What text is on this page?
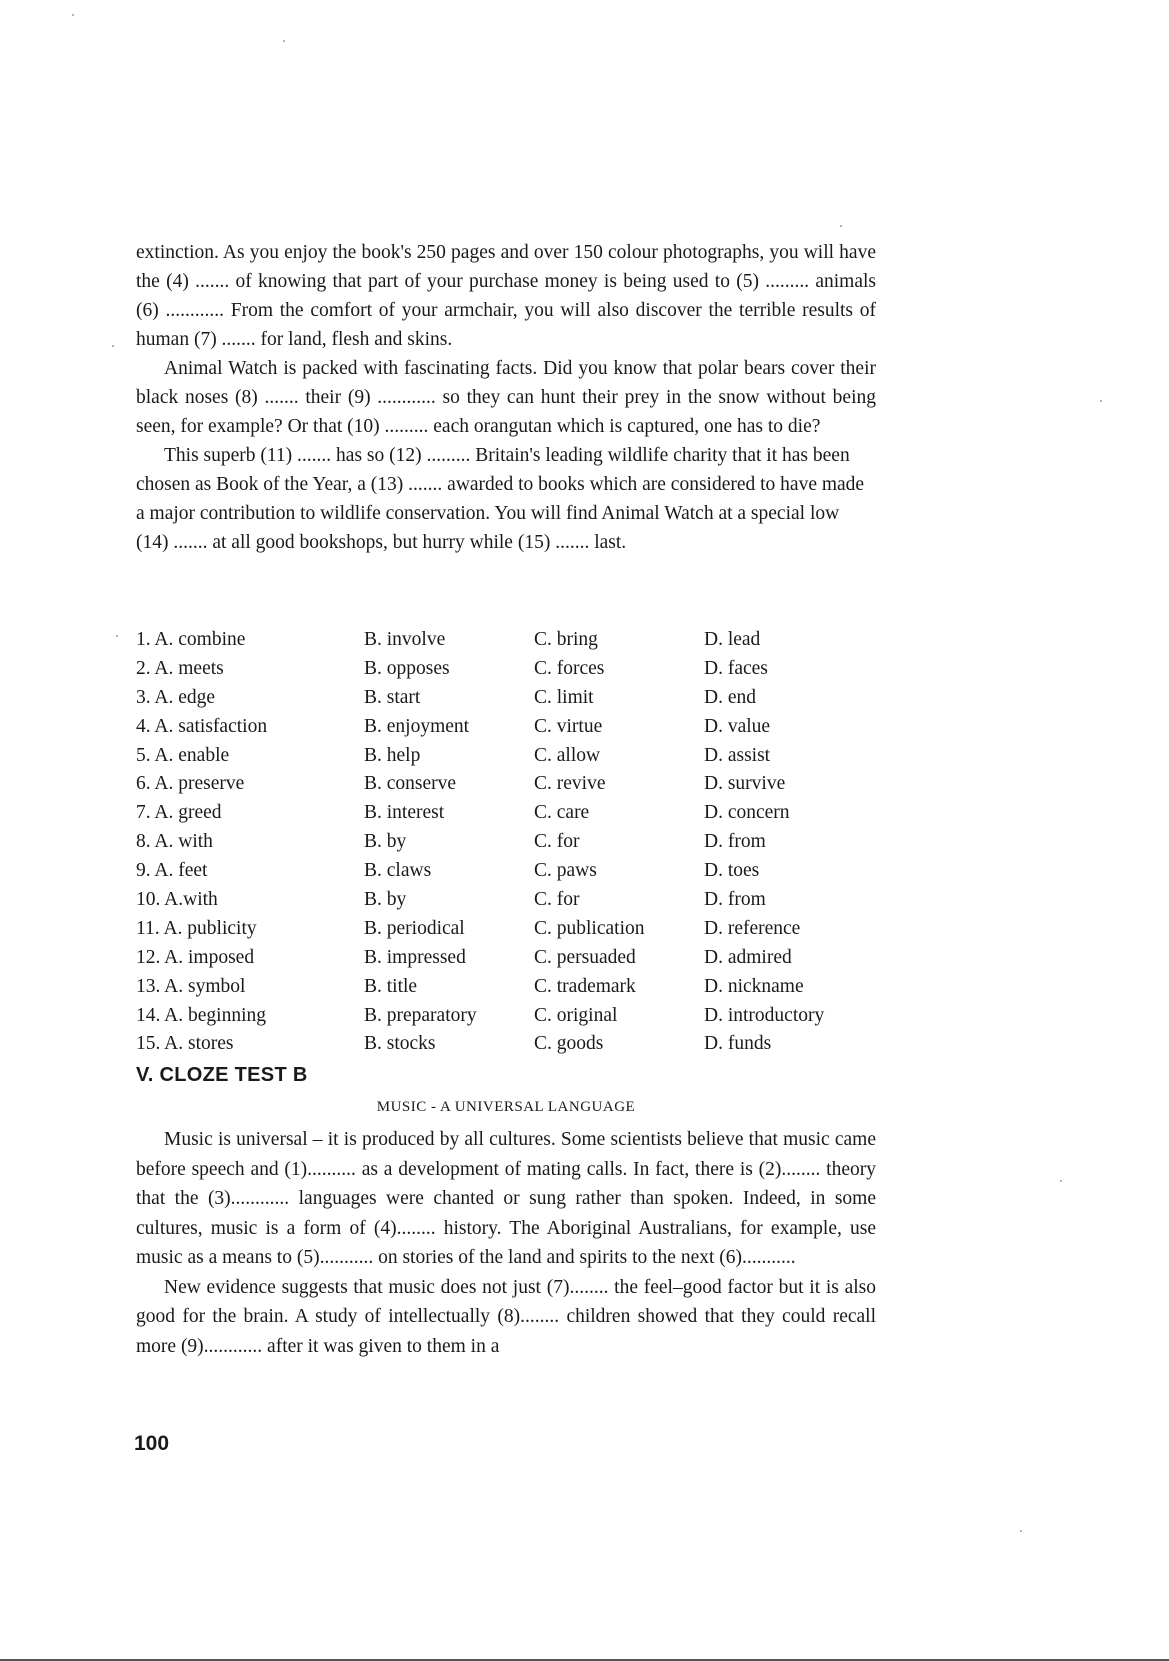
extinction. As you enjoy the book's 250 pages and over 150 colour photographs, you will have the (4) ....... of knowing that part of your purchase money is being used to (5) ......... animals (6) ............ From the comfort of your armchair, you will also discover the terrible results of human (7) ....... for land, flesh and skins.

Animal Watch is packed with fascinating facts. Did you know that polar bears cover their black noses (8) ....... their (9) ............ so they can hunt their prey in the snow without being seen, for example? Or that (10) ......... each orangutan which is captured, one has to die?

This superb (11) ....... has so (12) ......... Britain's leading wildlife charity that it has been chosen as Book of the Year, a (13) ....... awarded to books which are considered to have made a major contribution to wildlife conservation. You will find Animal Watch at a special low (14) ....... at all good bookshops, but hurry while (15) ....... last.

1. A. combine	B. involve	C. bring	D. lead
2. A. meets	B. opposes	C. forces	D. faces
3. A. edge	B. start	C. limit	D. end
4. A. satisfaction	B. enjoyment	C. virtue	D. value
5. A. enable	B. help	C. allow	D. assist
6. A. preserve	B. conserve	C. revive	D. survive
7. A. greed	B. interest	C. care	D. concern
8. A. with	B. by	C. for	D. from
9. A. feet	B. claws	C. paws	D. toes
10. A.with	B. by	C. for	D. from
11. A. publicity	B. periodical	C. publication	D. reference
12. A. imposed	B. impressed	C. persuaded	D. admired
13. A. symbol	B. title	C. trademark	D. nickname
14. A. beginning	B. preparatory	C. original	D. introductory
15. A. stores	B. stocks	C. goods	D. funds
V. CLOZE TEST B
MUSIC - A UNIVERSAL LANGUAGE

Music is universal – it is produced by all cultures. Some scientists believe that music came before speech and (1).......... as a development of mating calls. In fact, there is (2)........ theory that the (3)............ languages were chanted or sung rather than spoken. Indeed, in some cultures, music is a form of (4)........ history. The Aboriginal Australians, for example, use music as a means to (5)........... on stories of the land and spirits to the next (6)...........

New evidence suggests that music does not just (7)........ the feel–good factor but it is also good for the brain. A study of intellectually (8)........ children showed that they could recall more (9)............ after it was given to them in a

100
